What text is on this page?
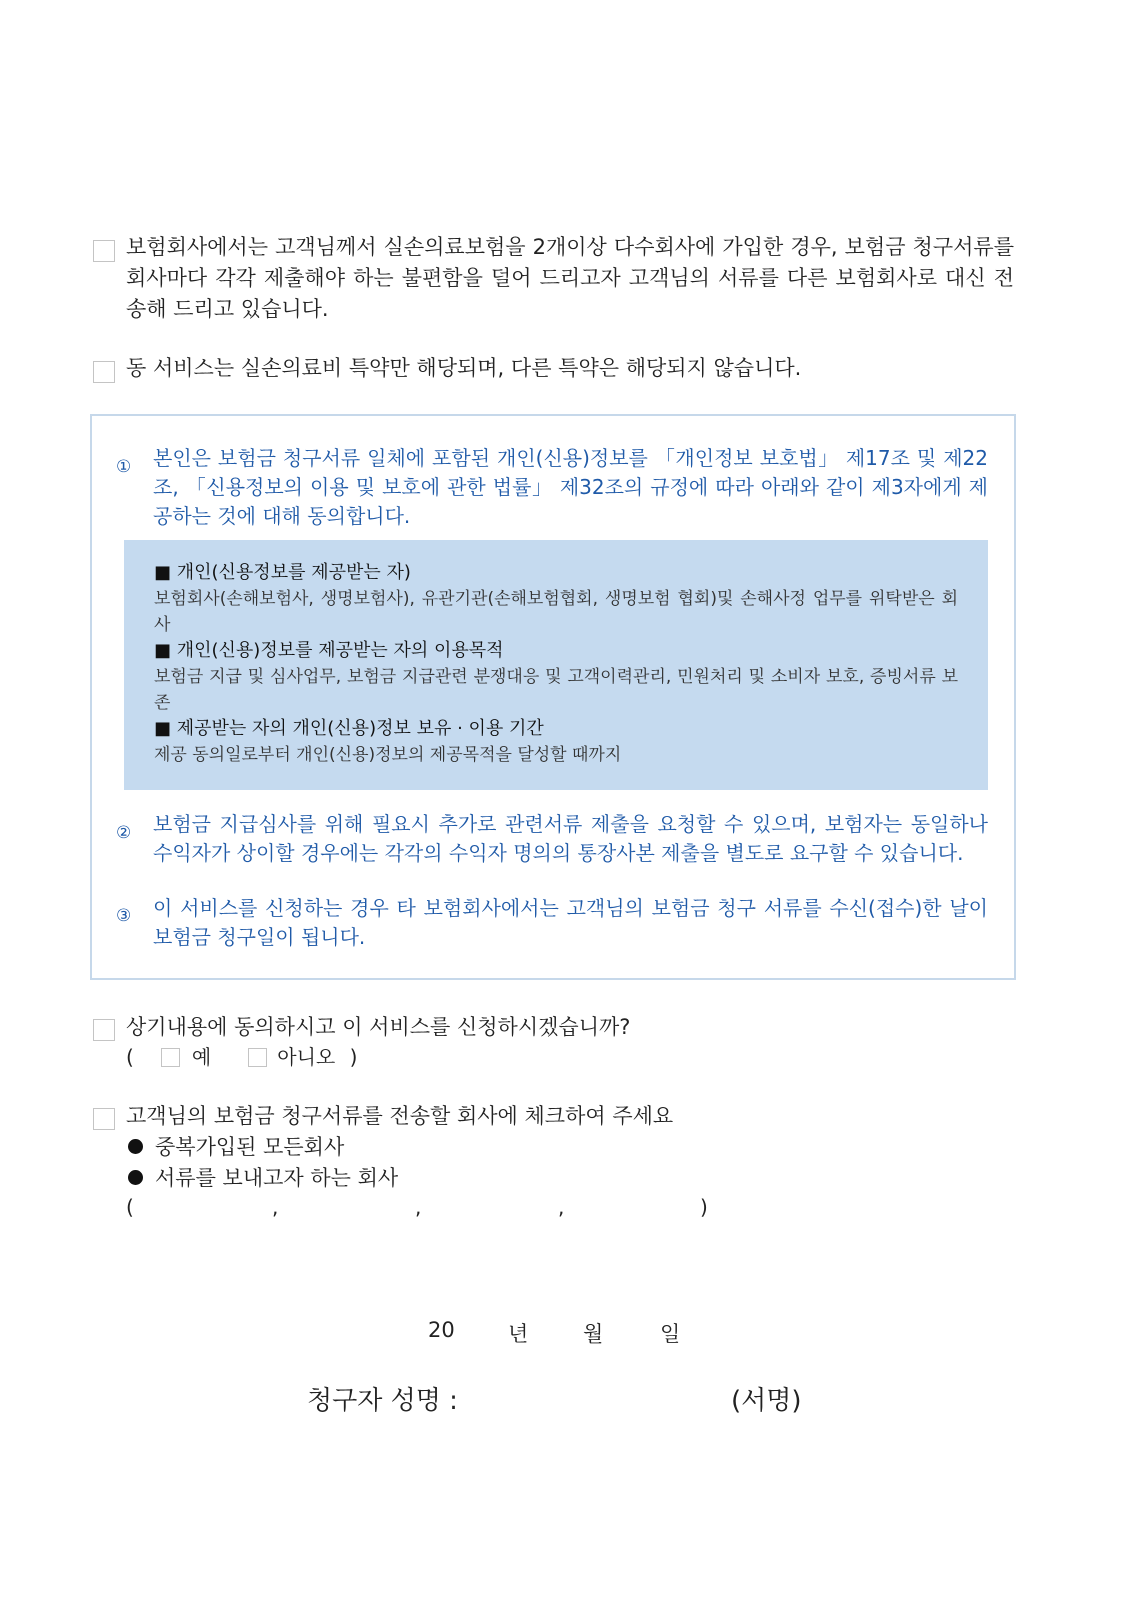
보험회사에서는 고객님께서 실손의료보험을 2개이상 다수회사에 가입한 경우, 보험금 청구서류를 회사마다 각각 제출해야 하는 불편함을 덜어 드리고자 고객님의 서류를 다른 보험회사로 대신 전송해 드리고 있습니다.
동 서비스는 실손의료비 특약만 해당되며, 다른 특약은 해당되지 않습니다.
① 본인은 보험금 청구서류 일체에 포함된 개인(신용)정보를 「개인정보 보호법」 제17조 및 제22조, 「신용정보의 이용 및 보호에 관한 법률」 제32조의 규정에 따라 아래와 같이 제3자에게 제공하는 것에 대해 동의합니다.
■ 개인(신용정보를 제공받는 자)
보험회사(손해보험사, 생명보험사), 유관기관(손해보험협회, 생명보험 협회)및 손해사정 업무를 위탁받은 회사
■ 개인(신용)정보를 제공받는 자의 이용목적
보험금 지급 및 심사업무, 보험금 지급관련 분쟁대응 및 고객이력관리, 민원처리 및 소비자 보호, 증빙서류 보존
■ 제공받는 자의 개인(신용)정보 보유 · 이용 기간
제공 동의일로부터 개인(신용)정보의 제공목적을 달성할 때까지
② 보험금 지급심사를 위해 필요시 추가로 관련서류 제출을 요청할 수 있으며, 보험자는 동일하나 수익자가 상이할 경우에는 각각의 수익자 명의의 통장사본 제출을 별도로 요구할 수 있습니다.
③ 이 서비스를 신청하는 경우 타 보험회사에서는 고객님의 보험금 청구 서류를 수신(접수)한 날이 보험금 청구일이 됩니다.
상기내용에 동의하시고 이 서비스를 신청하시겠습니까?
(	예	아니오 )
고객님의 보험금 청구서류를 전송할 회사에 체크하여 주세요
중복가입된 모든회사
서류를 보내고자 하는 회사
(	,	,	,	)
20	년	월	일
청구자 성명 :	(서명)
